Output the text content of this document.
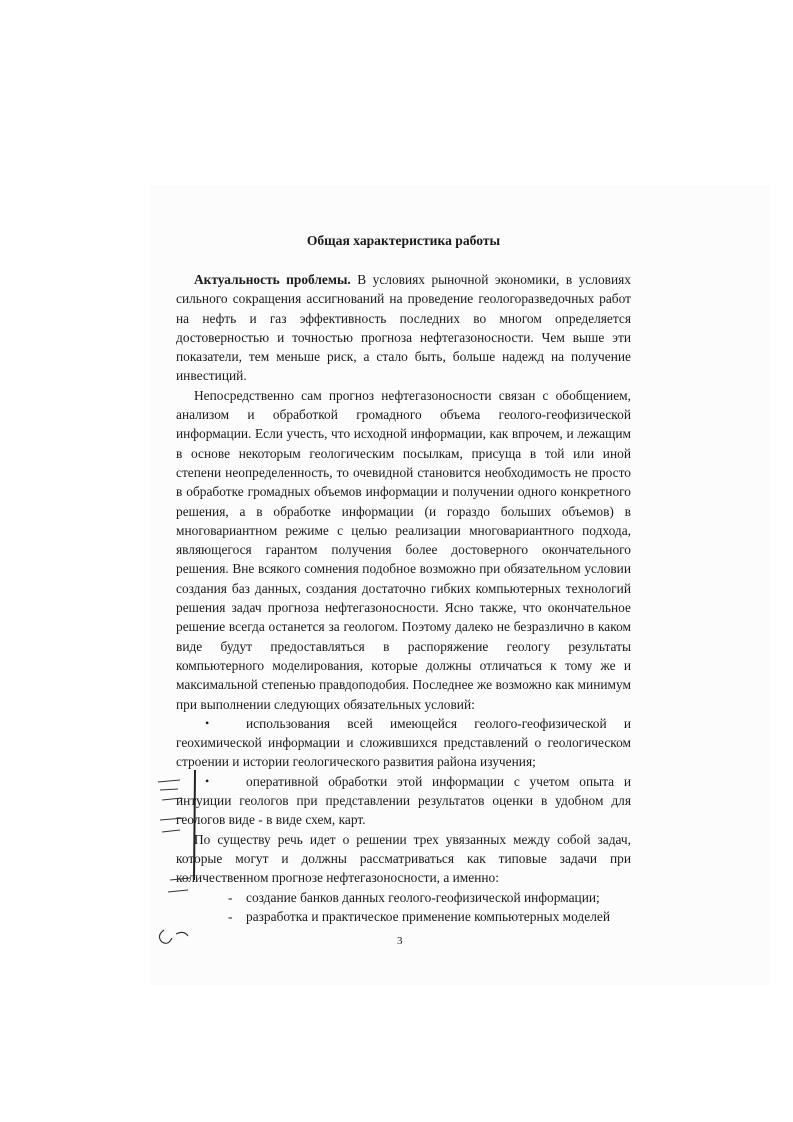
Общая характеристика работы

Актуальность проблемы. В условиях рыночной экономики, в условиях сильного сокращения ассигнований на проведение геологоразведочных работ на нефть и газ эффективность последних во многом определяется достоверностью и точностью прогноза нефтегазоносности. Чем выше эти показатели, тем меньше риск, а стало быть, больше надежд на получение инвестиций.

Непосредственно сам прогноз нефтегазоносности связан с обобщением, анализом и обработкой громадного объема геолого-геофизической информации. Если учесть, что исходной информации, как впрочем, и лежащим в основе некоторым геологическим посылкам, присуща в той или иной степени неопределенность, то очевидной становится необходимость не просто в обработке громадных объемов информации и получении одного конкретного решения, а в обработке информации (и гораздо больших объемов) в многовариантном режиме с целью реализации многовариантного подхода, являющегося гарантом получения более достоверного окончательного решения. Вне всякого сомнения подобное возможно при обязательном условии создания баз данных, создания достаточно гибких компьютерных технологий решения задач прогноза нефтегазоносности. Ясно также, что окончательное решение всегда останется за геологом. Поэтому далеко не безразлично в каком виде будут предоставляться в распоряжение геологу результаты компьютерного моделирования, которые должны отличаться к тому же и максимальной степенью правдоподобия. Последнее же возможно как минимум при выполнении следующих обязательных условий:

•	использования всей имеющейся геолого-геофизической и геохимической информации и сложившихся представлений о геологическом строении и истории геологического развития района изучения;
•	оперативной обработки этой информации с учетом опыта и интуиции геологов при представлении результатов оценки в удобном для геологов виде - в виде схем, карт.

По существу речь идет о решении трех увязанных между собой задач, которые могут и должны рассматриваться как типовые задачи при количественном прогнозе нефтегазоносности, а именно:

- создание банков данных геолого-геофизической информации;
- разработка и практическое применение компьютерных моделей
3
